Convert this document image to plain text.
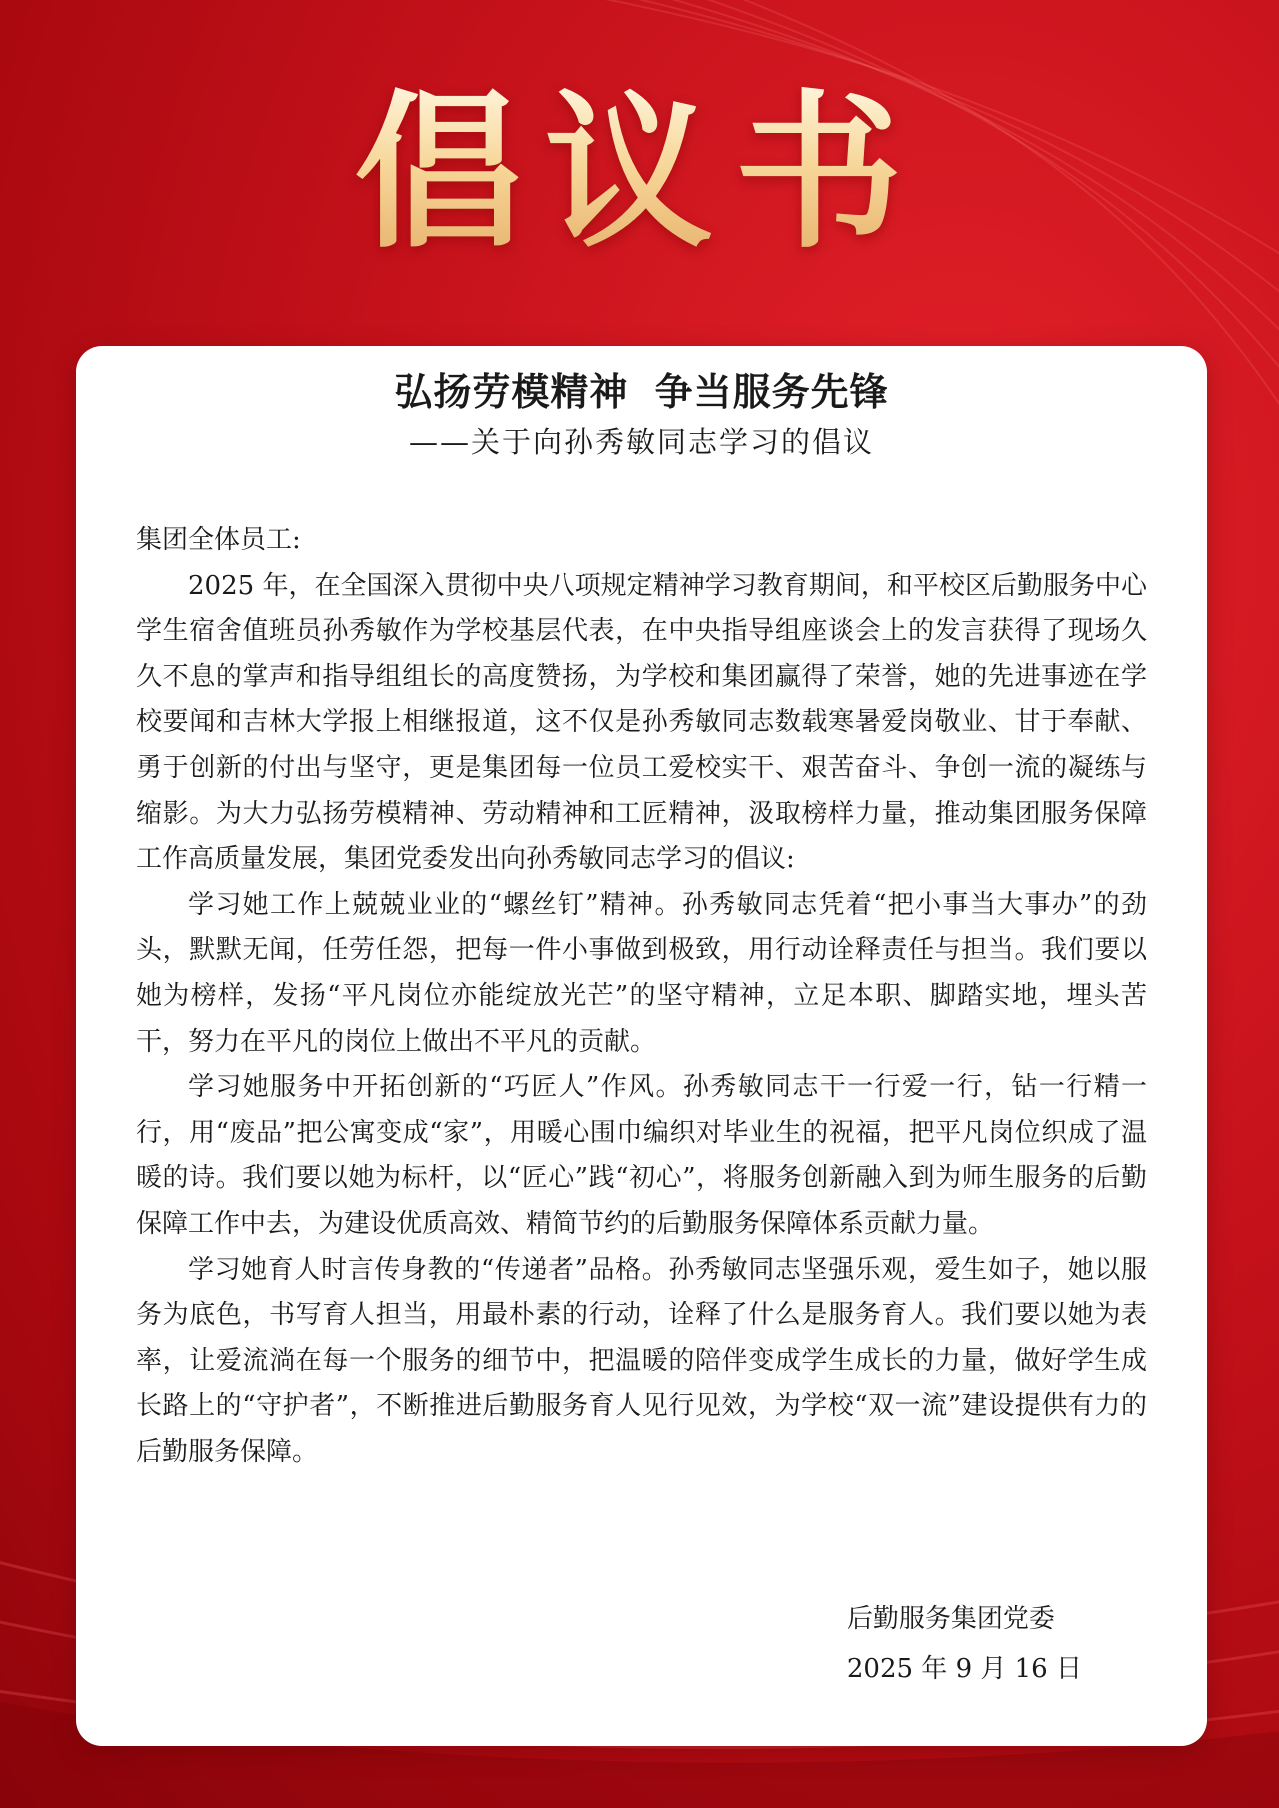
倡议书
弘扬劳模精神 争当服务先锋
——关于向孙秀敏同志学习的倡议

集团全体员工:

2025 年，在全国深入贯彻中央八项规定精神学习教育期间，和平校区后勤服务中心学生宿舍值班员孙秀敏作为学校基层代表，在中央指导组座谈会上的发言获得了现场久久不息的掌声和指导组组长的高度赞扬，为学校和集团赢得了荣誉，她的先进事迹在学校要闻和吉林大学报上相继报道，这不仅是孙秀敏同志数载寒暑爱岗敬业、甘于奉献、勇于创新的付出与坚守，更是集团每一位员工爱校实干、艰苦奋斗、争创一流的凝练与缩影。为大力弘扬劳模精神、劳动精神和工匠精神，汲取榜样力量，推动集团服务保障工作高质量发展，集团党委发出向孙秀敏同志学习的倡议:

学习她工作上兢兢业业的“螺丝钉”精神。孙秀敏同志凭着“把小事当大事办”的劲头，默默无闻，任劳任怨，把每一件小事做到极致，用行动诠释责任与担当。我们要以她为榜样，发扬“平凡岗位亦能绽放光芒”的坚守精神，立足本职、脚踏实地，埋头苦干，努力在平凡的岗位上做出不平凡的贡献。

学习她服务中开拓创新的“巧匠人”作风。孙秀敏同志干一行爱一行，钻一行精一行，用“废品”把公寓变成“家”，用暖心围巾编织对毕业生的祝福，把平凡岗位织成了温暖的诗。我们要以她为标杆，以“匠心”践“初心”，将服务创新融入到为师生服务的后勤保障工作中去，为建设优质高效、精简节约的后勤服务保障体系贡献力量。

学习她育人时言传身教的“传递者”品格。孙秀敏同志坚强乐观，爱生如子，她以服务为底色，书写育人担当，用最朴素的行动，诠释了什么是服务育人。我们要以她为表率，让爱流淌在每一个服务的细节中，把温暖的陪伴变成学生成长的力量，做好学生成长路上的“守护者”，不断推进后勤服务育人见行见效，为学校“双一流”建设提供有力的后勤服务保障。

后勤服务集团党委
2025 年 9 月 16 日
